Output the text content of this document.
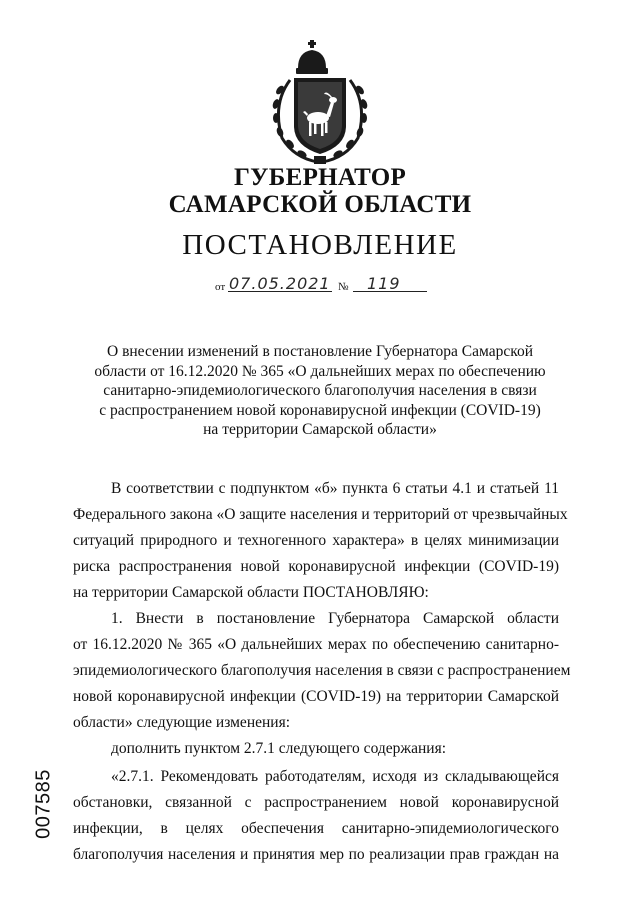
ГУБЕРНАТОР
САМАРСКОЙ ОБЛАСТИ
ПОСТАНОВЛЕНИЕ
от 07.05.2021 № 119
О внесении изменений в постановление Губернатора Самарской
области от 16.12.2020 № 365 «О дальнейших мерах по обеспечению
санитарно-эпидемиологического благополучия населения в связи
с распространением новой коронавирусной инфекции (COVID-19)
на территории Самарской области»
В соответствии с подпунктом «б» пункта 6 статьи 4.1 и статьей 11
Федерального закона «О защите населения и территорий от чрезвычайных
ситуаций природного и техногенного характера» в целях минимизации
риска распространения новой коронавирусной инфекции (COVID-19)
на территории Самарской области ПОСТАНОВЛЯЮ:
1. Внести в постановление Губернатора Самарской области
от 16.12.2020 № 365 «О дальнейших мерах по обеспечению санитарно-
эпидемиологического благополучия населения в связи с распространением
новой коронавирусной инфекции (COVID-19) на территории Самарской
области» следующие изменения:
дополнить пунктом 2.7.1 следующего содержания:
«2.7.1. Рекомендовать работодателям, исходя из складывающейся
обстановки, связанной с распространением новой коронавирусной
инфекции, в целях обеспечения санитарно-эпидемиологического
благополучия населения и принятия мер по реализации прав граждан на
007585
